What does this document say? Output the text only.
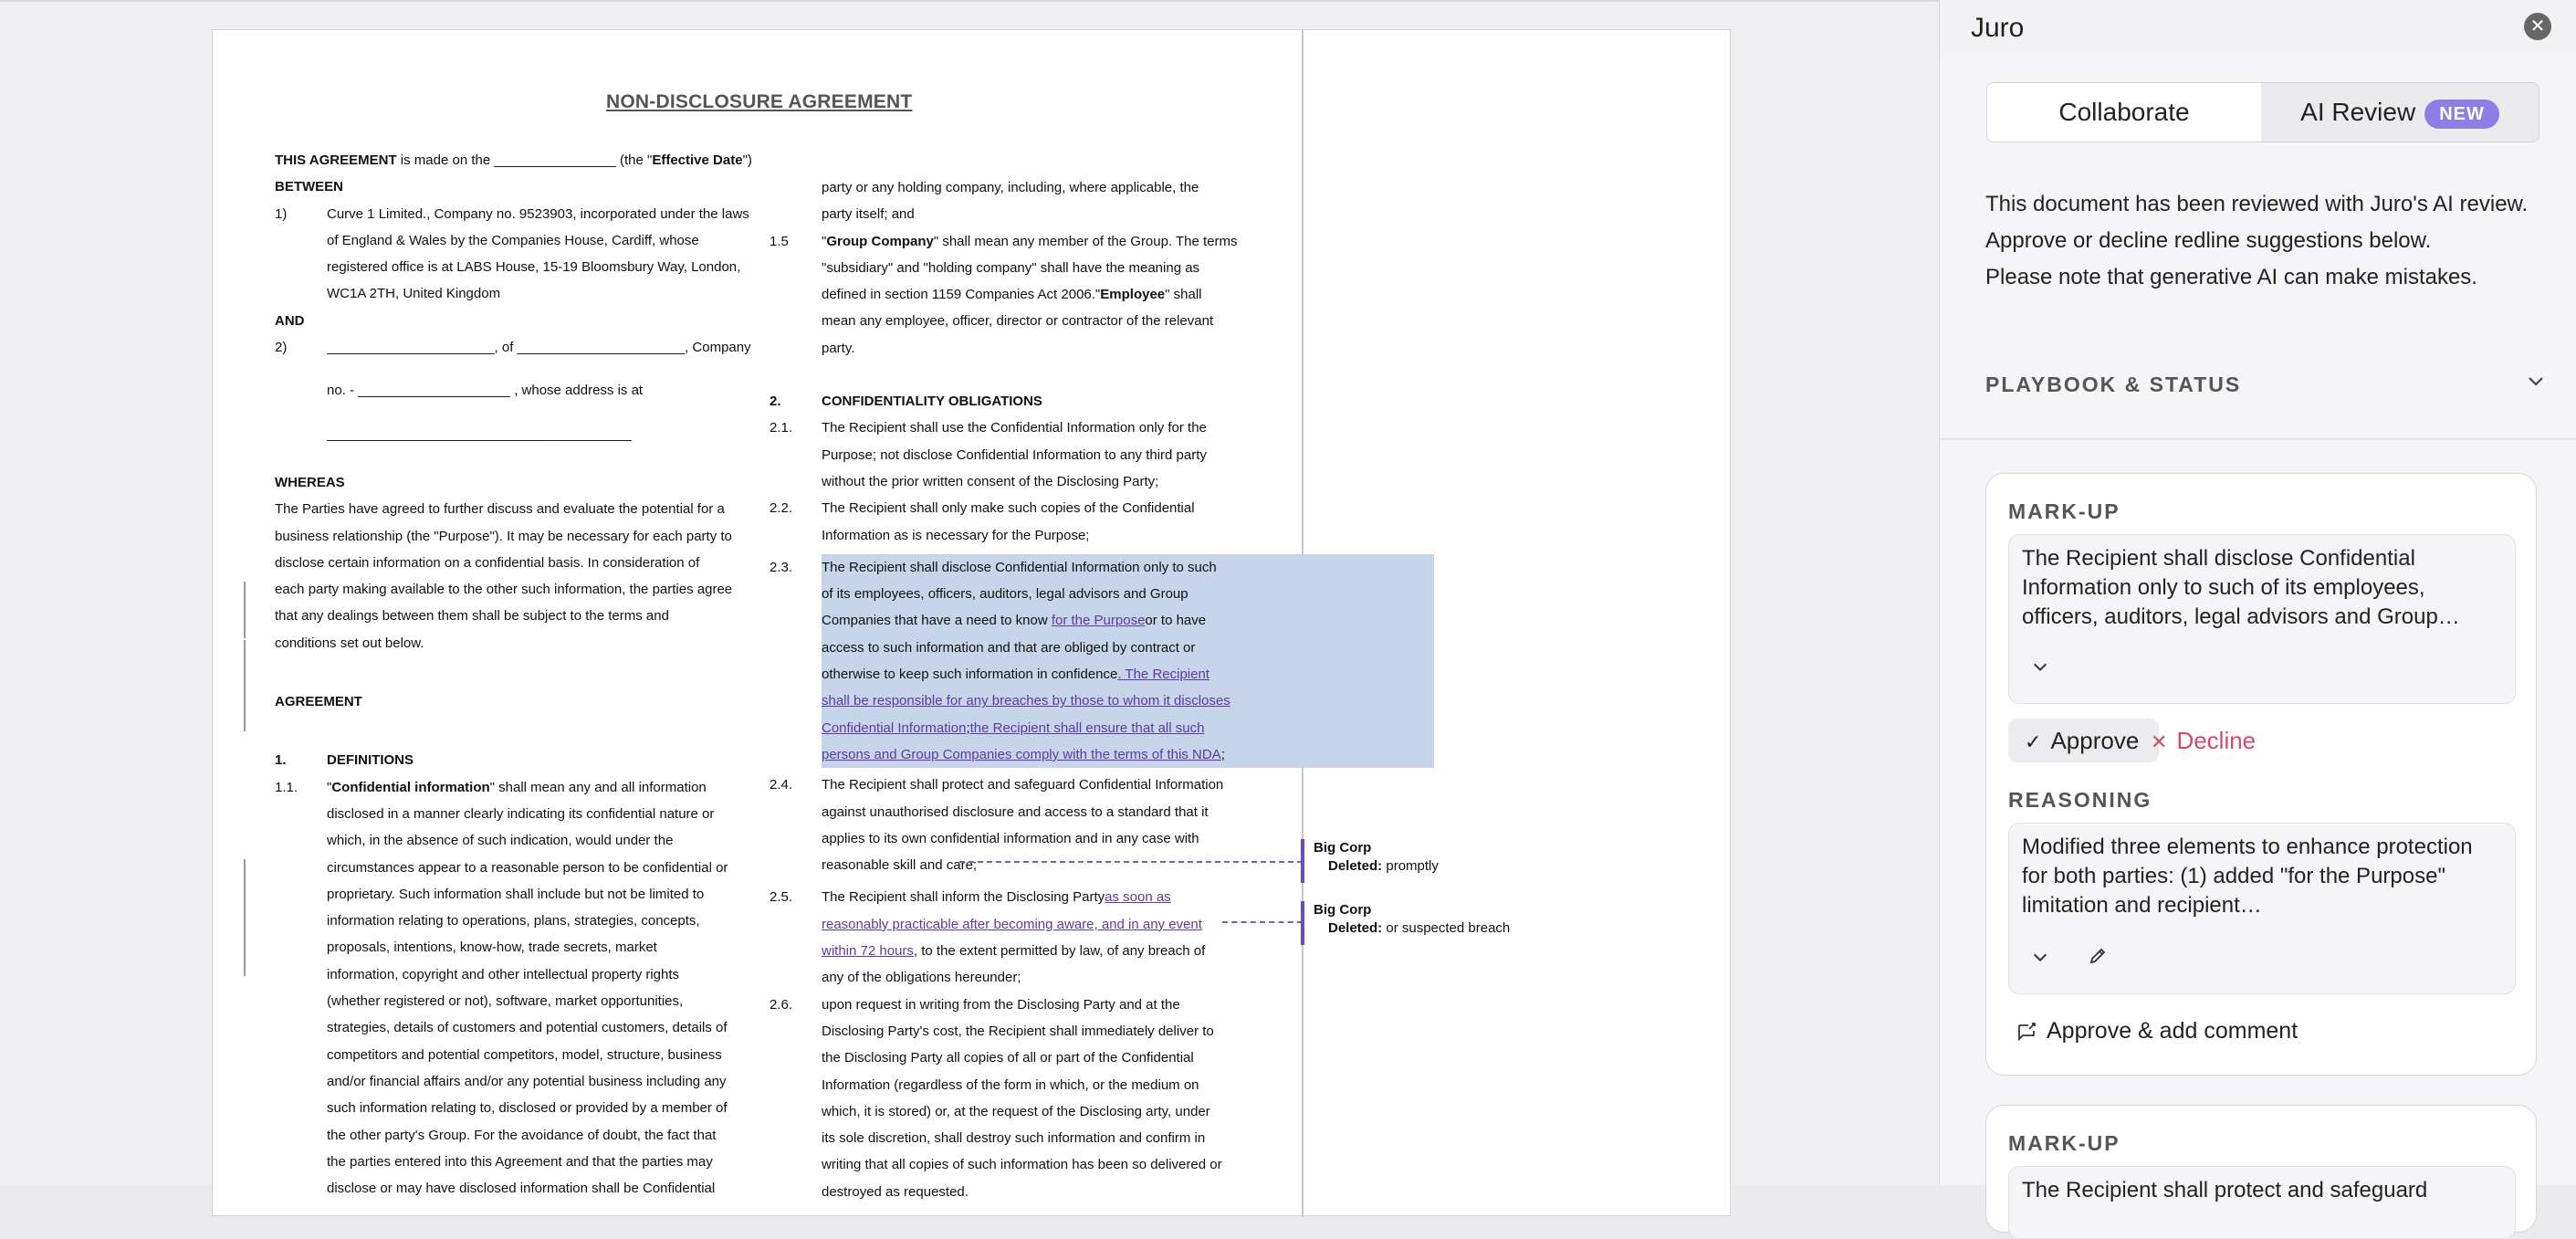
NON-DISCLOSURE AGREEMENT
THIS AGREEMENT is made on the ________________ (the "Effective Date")
BETWEEN
1)	Curve 1 Limited., Company no. 9523903, incorporated under the laws
of England & Wales by the Companies House, Cardiff, whose
registered office is at LABS House, 15-19 Bloomsbury Way, London,
WC1A 2TH, United Kingdom
AND
2)	______________________, of ______________________, Company
no. - ____________________ , whose address is at
________________________________________
WHEREAS
The Parties have agreed to further discuss and evaluate the potential for a
business relationship (the "Purpose"). It may be necessary for each party to
disclose certain information on a confidential basis. In consideration of
each party making available to the other such information, the parties agree
that any dealings between them shall be subject to the terms and
conditions set out below.
AGREEMENT
1.	DEFINITIONS
1.1. "Confidential information" shall mean any and all information
disclosed in a manner clearly indicating its confidential nature or
which, in the absence of such indication, would under the
circumstances appear to a reasonable person to be confidential or
proprietary. Such information shall include but not be limited to
information relating to operations, plans, strategies, concepts,
proposals, intentions, know-how, trade secrets, market
information, copyright and other intellectual property rights
(whether registered or not), software, market opportunities,
strategies, details of customers and potential customers, details of
competitors and potential competitors, model, structure, business
and/or financial affairs and/or any potential business including any
such information relating to, disclosed or provided by a member of
the other party's Group. For the avoidance of doubt, the fact that
the parties entered into this Agreement and that the parties may
disclose or may have disclosed information shall be Confidential
party or any holding company, including, where applicable, the
party itself; and
1.5 "Group Company" shall mean any member of the Group. The terms
"subsidiary" and "holding company" shall have the meaning as
defined in section 1159 Companies Act 2006."Employee" shall
mean any employee, officer, director or contractor of the relevant
party.
2.	CONFIDENTIALITY OBLIGATIONS
2.1. The Recipient shall use the Confidential Information only for the
Purpose; not disclose Confidential Information to any third party
without the prior written consent of the Disclosing Party;
2.2. The Recipient shall only make such copies of the Confidential
Information as is necessary for the Purpose;
2.3. The Recipient shall disclose Confidential Information only to such
of its employees, officers, auditors, legal advisors and Group
Companies that have a need to know for the Purposeor to have
access to such information and that are obliged by contract or
otherwise to keep such information in confidence. The Recipient
shall be responsible for any breaches by those to whom it discloses
Confidential Information;the Recipient shall ensure that all such
persons and Group Companies comply with the terms of this NDA;
2.4. The Recipient shall protect and safeguard Confidential Information
against unauthorised disclosure and access to a standard that it
applies to its own confidential information and in any case with
reasonable skill and care;
2.5. The Recipient shall inform the Disclosing Partyas soon as
reasonably practicable after becoming aware, and in any event
within 72 hours, to the extent permitted by law, of any breach of
any of the obligations hereunder;
2.6. upon request in writing from the Disclosing Party and at the
Disclosing Party's cost, the Recipient shall immediately deliver to
the Disclosing Party all copies of all or part of the Confidential
Information (regardless of the form in which, or the medium on
which, it is stored) or, at the request of the Disclosing arty, under
its sole discretion, shall destroy such information and confirm in
writing that all copies of such information has been so delivered or
destroyed as requested.
Big Corp
Deleted: promptly
Big Corp
Deleted: or suspected breach
Juro	✕
Collaborate	AI Review NEW
This document has been reviewed with Juro's AI review. Approve or decline redline suggestions below.
Please note that generative AI can make mistakes.
PLAYBOOK & STATUS
MARK-UP
The Recipient shall disclose Confidential Information only to such of its employees, officers, auditors, legal advisors and Group…
✓ Approve ✕ Decline
REASONING
Modified three elements to enhance protection for both parties: (1) added "for the Purpose" limitation and recipient…
Approve & add comment
MARK-UP
The Recipient shall protect and safeguard
